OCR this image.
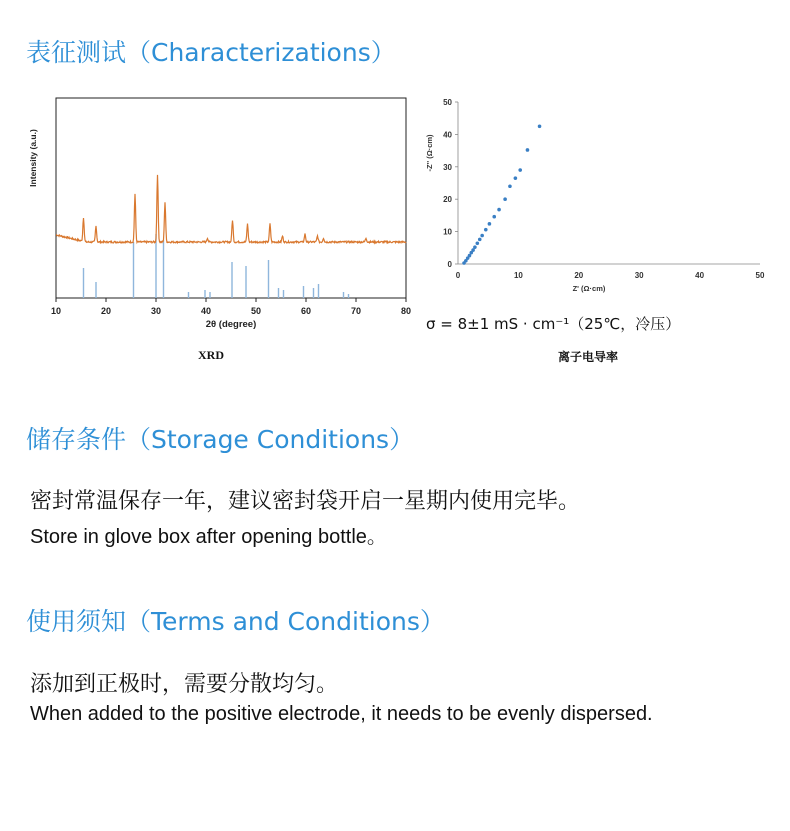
表征测试（Characterizations）
10	20	30	40	50	60	70	80
2θ (degree)
Intensity (a.u.)
XRD
0	10	20	30	40	50
0
10
20
30
40
50
Z' (Ω·cm)
-Z'' (Ω·cm)
σ = 8±1 mS · cm⁻¹（25℃，冷压）
离子电导率
储存条件（Storage Conditions）
密封常温保存一年，建议密封袋开启一星期内使用完毕。
Store in glove box after opening bottle。
使用须知（Terms and Conditions）
添加到正极时，需要分散均匀。
When added to the positive electrode, it needs to be evenly dispersed.
